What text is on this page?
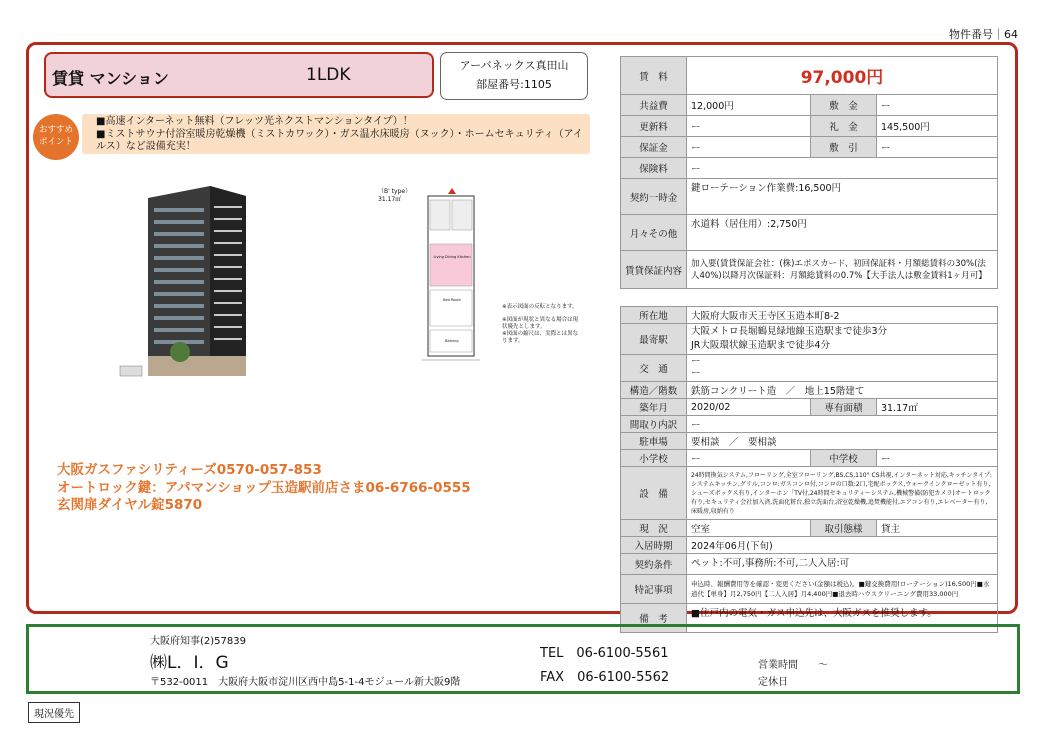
物件番号｜64
賃貸 マンション	1LDK	アーバネックス真田山
部屋番号:1105
おすすめ
ポイント
■高速インターネット無料（フレッツ光ネクストマンションタイプ）！
■ミストサウナ付浴室暖房乾燥機（ミストカワック）・ガス温水床暖房（ヌック）・ホームセキュリティ（アイルス）など設備充実！
（B' type）
31.17㎡
Living Dining Kitchen
Bed Room
Balcony
※表示図面の反転となります。
※図面が現状と異なる場合は現状優先とします。
※図面の縮尺は、実際とは異なります。
大阪ガスファシリティーズ0570-057-853
オートロック鍵：アパマンショップ玉造駅前店さま06-6766-0555
玄関扉ダイヤル錠5870
賃　料	97,000円		
共益費	12,000円	敷　金	ー
更新料	ー	礼　金	145,500円
保証金	ー	敷　引	ー
保険料	ー		
契約一時金	鍵ローテーション作業費:16,500円		
月々その他	水道料（居住用）:2,750円		
賃貸保証内容	加入要(賃貸保証会社：(株)エポスカード、初回保証料・月額総賃料の30%(法人40%)以降月次保証料：月額総賃料の0.7%【大手法人は敷金賃料1ヶ月可】		
所在地	大阪府大阪市天王寺区玉造本町8-2		
最寄駅	大阪メトロ長堀鶴見緑地線玉造駅まで徒歩3分
JR大阪環状線玉造駅まで徒歩4分		

交　通	ー
ー		

構造／階数	鉄筋コンクリート造　／　地上15階建て		
築年月	2020/02	専有面積	31.17㎡
間取り内訳	ー		
駐車場	要相談　／　要相談		
小学校	ー	中学校	ー
設　備	24時間換気システム,フローリング,全室フローリング,BS,CS,110° CS共視,インターネット対応,キッチンタイプ:システムキッチン,グリル,コンロ:ガスコンロ付,コンロの口数:2口,宅配ボックス,ウォークインクローゼット有り,シューズボックス有り,インターホン「TV付,24時間セキュリティーシステム,機械警備(防犯カメラ)オートロック有り,セキュリティ会社加入済,洗面化粧台,独立洗面台,浴室乾燥機,追焚機能付,エアコン有り,エレベーター有り,床暖房,収納有り		
現　況	空室	取引態様	貸主
入居時期	2024年06月(下旬)		
契約条件	ペット:不可,事務所:不可,二人入居:可		
特記事項	申込時、報酬費用等を確認・変更ください(金額は税込)。■鍵交換費用(ローテーション)16,500円■水道代【単身】月2,750円【二人入居】月4,400円■退去時ハウスクリーニング費用33,000円		
備　考	■住戸内の電気・ガス申込先は、大阪ガスを推奨します。		
大阪府知事(2)57839
㈱L．I．G
〒532-0011　大阪府大阪市淀川区西中島5-1-4モジュール新大阪9階
TEL　06-6100-5561
FAX　06-6100-5562
営業時間　　～
定休日
現況優先
